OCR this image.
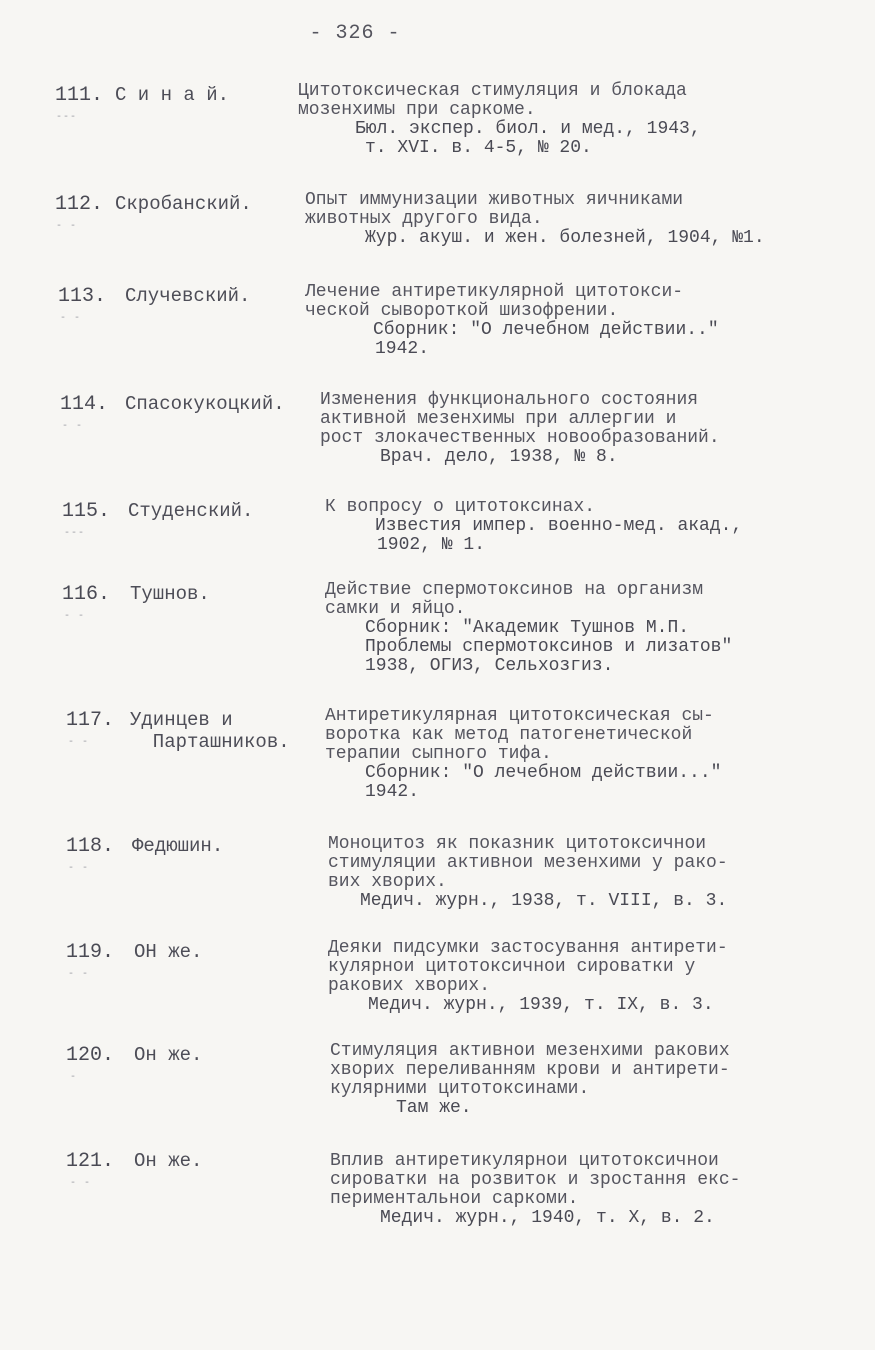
- 326 -
111. С и н а й.
---
Цитотоксическая стимуляция и блокада
мозенхимы при саркоме.
Бюл. экспер. биол. и мед., 1943,
т. XVI. в. 4-5, № 20.
112. Скробанский.
- -
Опыт иммунизации животных яичниками
животных другого вида.
Жур. акуш. и жен. болезней, 1904, №1.
113. Случевский.
- -
Лечение антиретикулярной цитотокси-
ческой сывороткой шизофрении.
Сборник: "О лечебном действии.."
1942.
114. Спасокукоцкий.
- -
Изменения функционального состояния
активной мезенхимы при аллергии и
рост злокачественных новообразований.
Врач. дело, 1938, № 8.
115. Студенский.
---
К вопросу о цитотоксинах.
Известия импер. военно-мед. акад.,
1902, № 1.
116. Тушнов.
- -
Действие спермотоксинов на организм
самки и яйцо.
Сборник: "Академик Тушнов М.П.
Проблемы спермотоксинов и лизатов"
1938, ОГИЗ, Сельхозгиз.
117. Удинцев и
Парташников.
- -
Антиретикулярная цитотоксическая сы-
воротка как метод патогенетической
терапии сыпного тифа.
Сборник: "О лечебном действии..."
1942.
118. Федюшин.
- -
Моноцитоз як показник цитотоксичнои
стимуляции активнои мезенхими у рако-
вих хворих.
Медич. журн., 1938, т. VIII, в. 3.
119. ОН же.
- -
Деяки пидсумки застосування антирети-
кулярнои цитотоксичнои сироватки у
ракових хворих.
Медич. журн., 1939, т. IX, в. 3.
120. Он же.
-
Стимуляция активнои мезенхими ракових
хворих переливанням крови и антирети-
кулярними цитотоксинами.
Там же.
121. Он же.
- -
Вплив антиретикулярнои цитотоксичнои
сироватки на розвиток и зростання екс-
периментальнои саркоми.
Медич. журн., 1940, т. X, в. 2.
